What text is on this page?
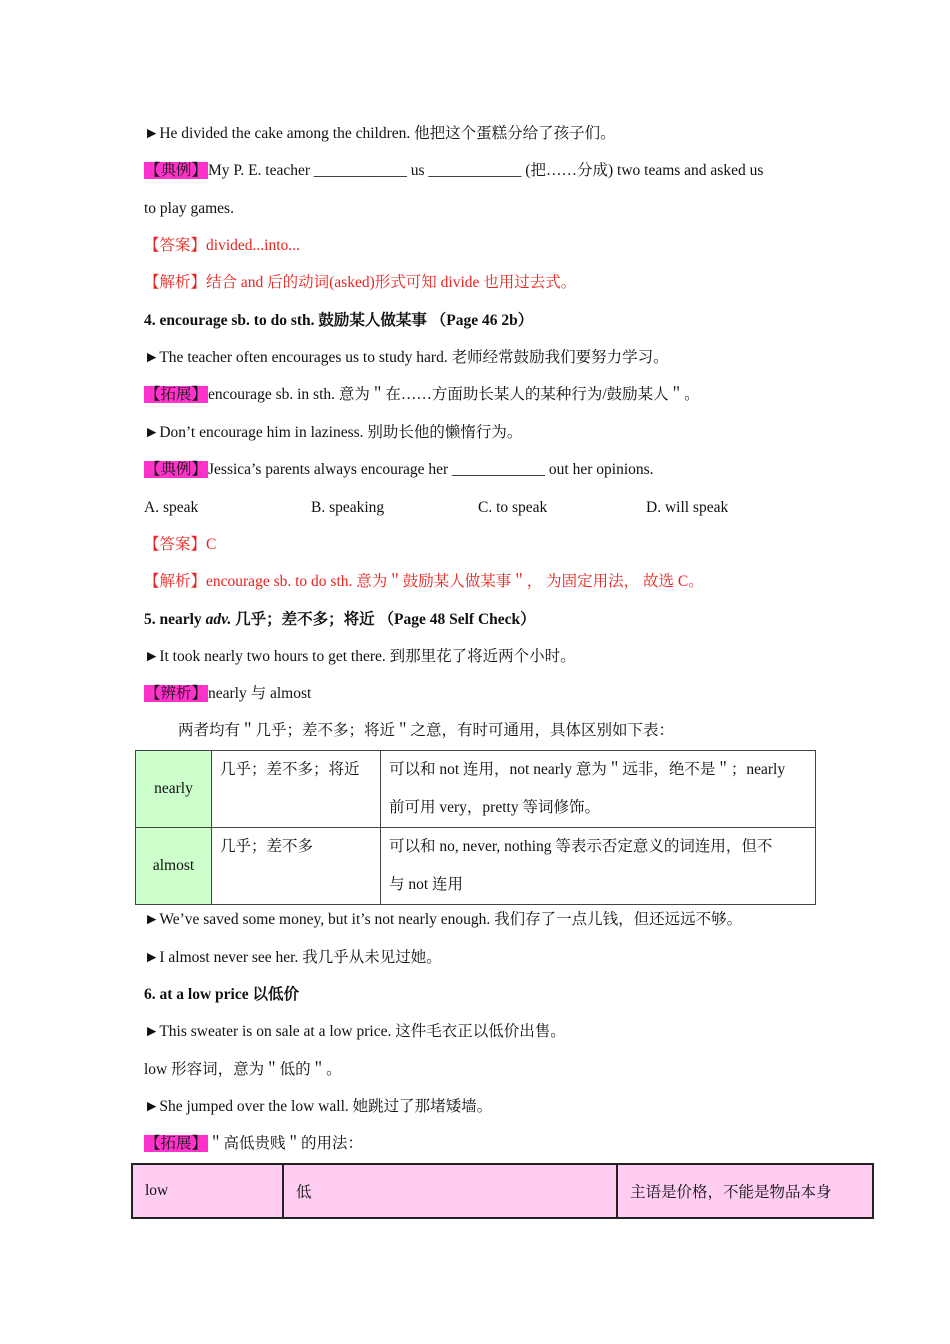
►He divided the cake among the children. 他把这个蛋糕分给了孩子们。
【典例】My P. E. teacher ____________ us ____________ (把……分成) two teams and asked us
to play games.
【答案】divided...into...
【解析】结合 and 后的动词(asked)形式可知 divide 也用过去式。
4. encourage sb. to do sth. 鼓励某人做某事 （Page 46 2b）
►The teacher often encourages us to study hard. 老师经常鼓励我们要努力学习。
【拓展】encourage sb. in sth. 意为＂在……方面助长某人的某种行为/鼓励某人＂。
►Don’t encourage him in laziness. 别助长他的懒惰行为。
【典例】Jessica’s parents always encourage her ____________ out her opinions.
A. speak	B. speaking	C. to speak	D. will speak
【答案】C
【解析】encourage sb. to do sth. 意为＂鼓励某人做某事＂， 为固定用法， 故选 C。
5. nearly adv. 几乎；差不多；将近 （Page 48 Self Check）
►It took nearly two hours to get there. 到那里花了将近两个小时。
【辨析】nearly 与 almost
两者均有＂几乎；差不多；将近＂之意，有时可通用，具体区别如下表：
nearly	几乎；差不多；将近	可以和 not 连用，not nearly 意为＂远非，绝不是＂；nearly
前可用 very，pretty 等词修饰。

almost	几乎；差不多	可以和 no, never, nothing 等表示否定意义的词连用，但不
与 not 连用
►We’ve saved some money, but it’s not nearly enough. 我们存了一点儿钱，但还远远不够。
►I almost never see her. 我几乎从未见过她。
6. at a low price 以低价
►This sweater is on sale at a low price. 这件毛衣正以低价出售。
low 形容词，意为＂低的＂。
►She jumped over the low wall. 她跳过了那堵矮墙。
【拓展】＂高低贵贱＂的用法：
low	低	主语是价格，不能是物品本身
